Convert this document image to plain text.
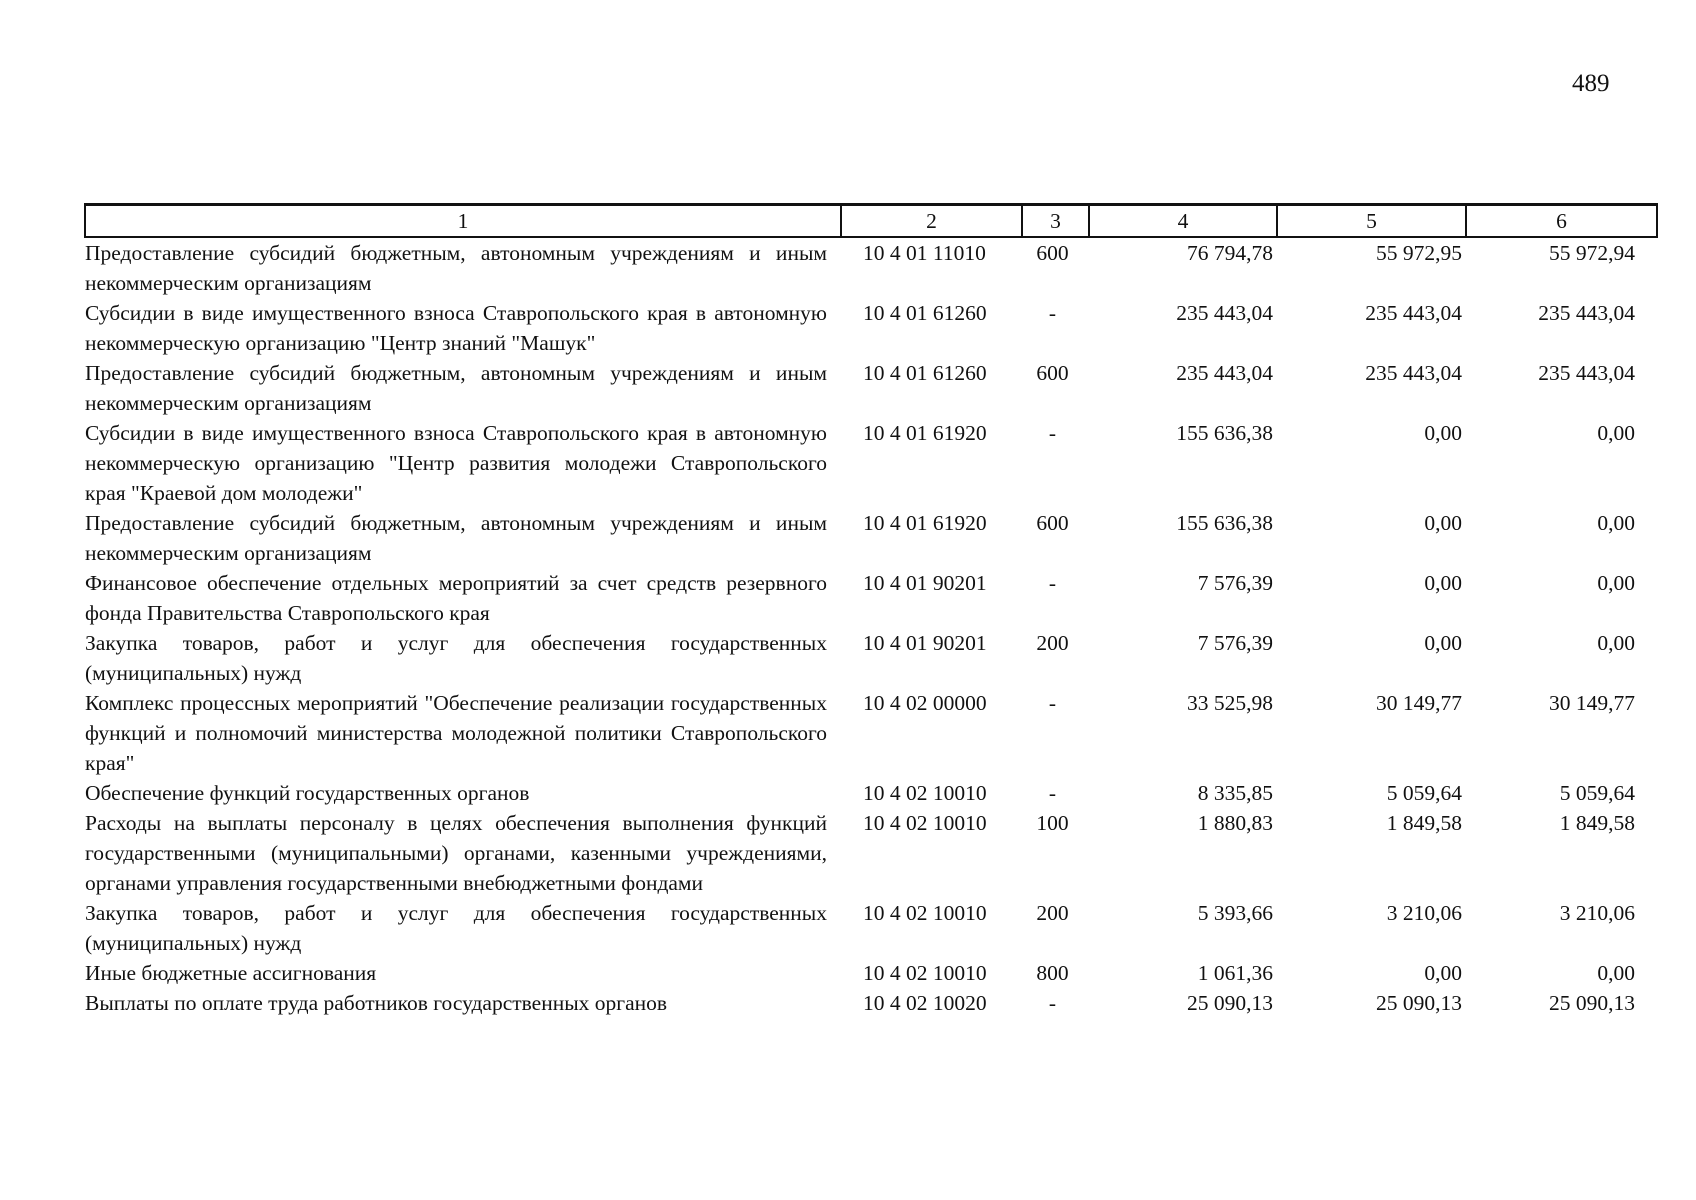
489
1	2	3	4	5	6
Предоставление субсидий бюджетным, автономным учреждениям и иным некоммерческим организациям	10 4 01 11010	600	76 794,78	55 972,95	55 972,94
Субсидии в виде имущественного взноса Ставропольского края в автономную некоммерческую организацию "Центр знаний "Машук"	10 4 01 61260	-	235 443,04	235 443,04	235 443,04
Предоставление субсидий бюджетным, автономным учреждениям и иным некоммерческим организациям	10 4 01 61260	600	235 443,04	235 443,04	235 443,04
Субсидии в виде имущественного взноса Ставропольского края в автономную некоммерческую организацию "Центр развития молодежи Ставропольского края "Краевой дом молодежи"	10 4 01 61920	-	155 636,38	0,00	0,00
Предоставление субсидий бюджетным, автономным учреждениям и иным некоммерческим организациям	10 4 01 61920	600	155 636,38	0,00	0,00
Финансовое обеспечение отдельных мероприятий за счет средств резервного фонда Правительства Ставропольского края	10 4 01 90201	-	7 576,39	0,00	0,00
Закупка товаров, работ и услуг для обеспечения государственных (муниципальных) нужд	10 4 01 90201	200	7 576,39	0,00	0,00
Комплекс процессных мероприятий "Обеспечение реализации государственных функций и полномочий министерства молодежной политики Ставропольского края"	10 4 02 00000	-	33 525,98	30 149,77	30 149,77
Обеспечение функций государственных органов	10 4 02 10010	-	8 335,85	5 059,64	5 059,64
Расходы на выплаты персоналу в целях обеспечения выполнения функций государственными (муниципальными) органами, казенными учреждениями, органами управления государственными внебюджетными фондами	10 4 02 10010	100	1 880,83	1 849,58	1 849,58
Закупка товаров, работ и услуг для обеспечения государственных (муниципальных) нужд	10 4 02 10010	200	5 393,66	3 210,06	3 210,06
Иные бюджетные ассигнования	10 4 02 10010	800	1 061,36	0,00	0,00
Выплаты по оплате труда работников государственных органов	10 4 02 10020	-	25 090,13	25 090,13	25 090,13
